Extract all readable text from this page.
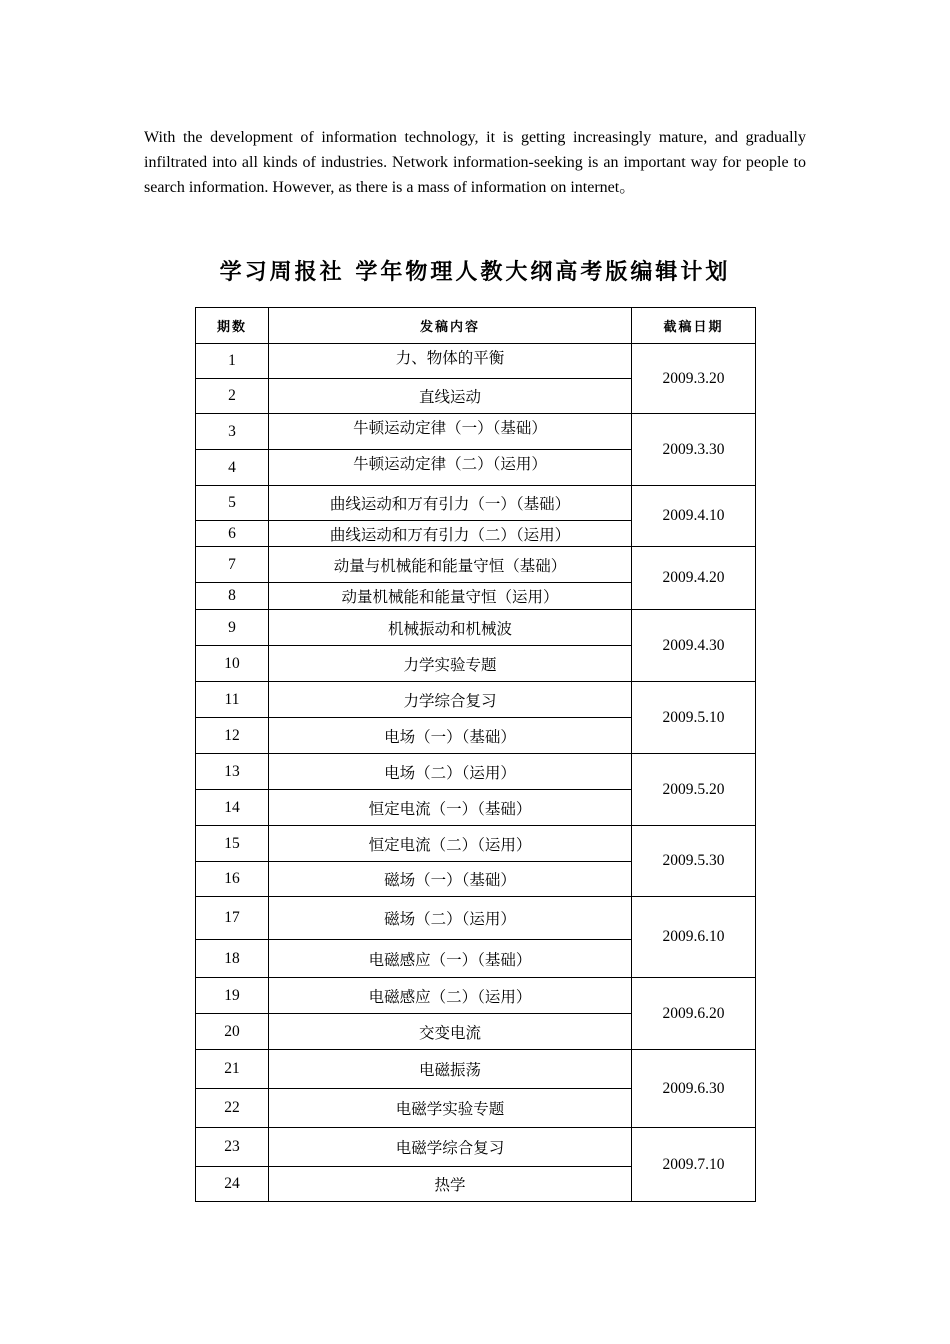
With the development of information technology, it is getting increasingly mature, and gradually infiltrated into all kinds of industries. Network information-seeking is an important way for people to search information. However, as there is a mass of information on internet。

学习周报社 学年物理人教大纲高考版编辑计划
期数	发稿内容	截稿日期
1	力、物体的平衡	2009.3.20
2	直线运动	
3	牛顿运动定律（一）（基础）	2009.3.30
4	牛顿运动定律（二）（运用）	
5	曲线运动和万有引力（一）（基础）	2009.4.10
6	曲线运动和万有引力（二）（运用）	
7	动量与机械能和能量守恒（基础）	2009.4.20
8	动量机械能和能量守恒（运用）	
9	机械振动和机械波	2009.4.30
10	力学实验专题	
11	力学综合复习	2009.5.10
12	电场（一）（基础）	
13	电场（二）（运用）	2009.5.20
14	恒定电流（一）（基础）	
15	恒定电流（二）（运用）	2009.5.30
16	磁场（一）（基础）	
17	磁场（二）（运用）	2009.6.10
18	电磁感应（一）（基础）	
19	电磁感应（二）（运用）	2009.6.20
20	交变电流	
21	电磁振荡	2009.6.30
22	电磁学实验专题	
23	电磁学综合复习	2009.7.10
24	热学	
